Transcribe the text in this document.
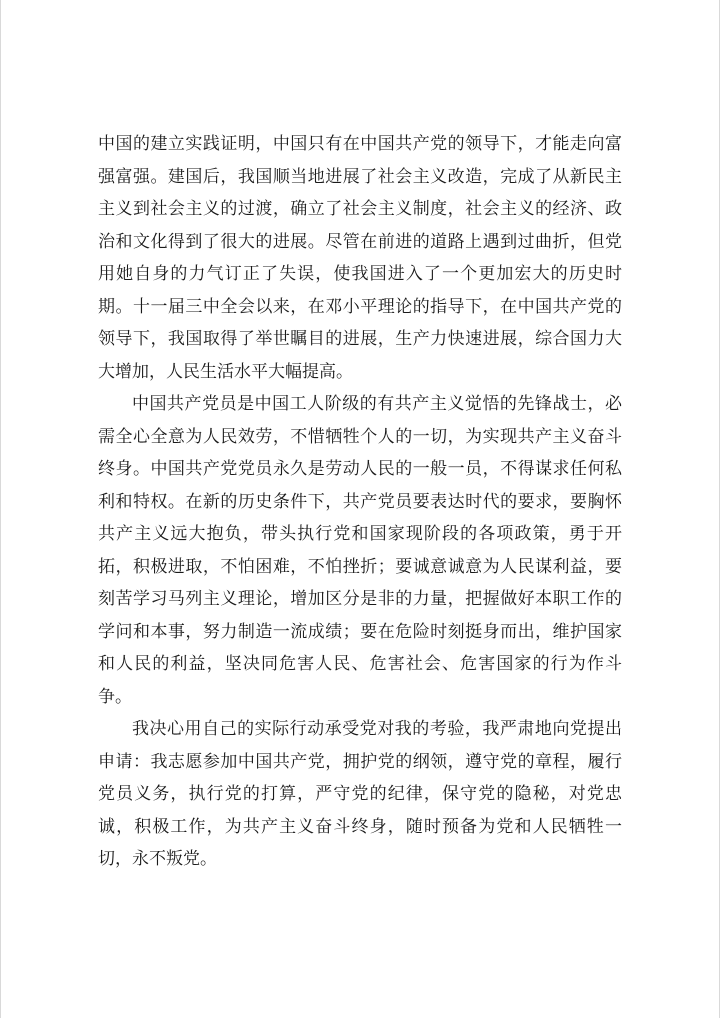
中国的建立实践证明，中国只有在中国共产党的领导下，才能走向富强富强。建国后，我国顺当地进展了社会主义改造，完成了从新民主主义到社会主义的过渡，确立了社会主义制度，社会主义的经济、政治和文化得到了很大的进展。尽管在前进的道路上遇到过曲折，但党用她自身的力气订正了失误，使我国进入了一个更加宏大的历史时期。十一届三中全会以来，在邓小平理论的指导下，在中国共产党的领导下，我国取得了举世瞩目的进展，生产力快速进展，综合国力大大增加，人民生活水平大幅提高。

中国共产党员是中国工人阶级的有共产主义觉悟的先锋战士，必需全心全意为人民效劳，不惜牺牲个人的一切，为实现共产主义奋斗终身。中国共产党党员永久是劳动人民的一般一员，不得谋求任何私利和特权。在新的历史条件下，共产党员要表达时代的要求，要胸怀共产主义远大抱负，带头执行党和国家现阶段的各项政策，勇于开拓，积极进取，不怕困难，不怕挫折；要诚意诚意为人民谋利益，要刻苦学习马列主义理论，增加区分是非的力量，把握做好本职工作的学问和本事，努力制造一流成绩；要在危险时刻挺身而出，维护国家和人民的利益，坚决同危害人民、危害社会、危害国家的行为作斗争。

我决心用自己的实际行动承受党对我的考验，我严肃地向党提出申请：我志愿参加中国共产党，拥护党的纲领，遵守党的章程，履行党员义务，执行党的打算，严守党的纪律，保守党的隐秘，对党忠诚，积极工作，为共产主义奋斗终身，随时预备为党和人民牺牲一切，永不叛党。
